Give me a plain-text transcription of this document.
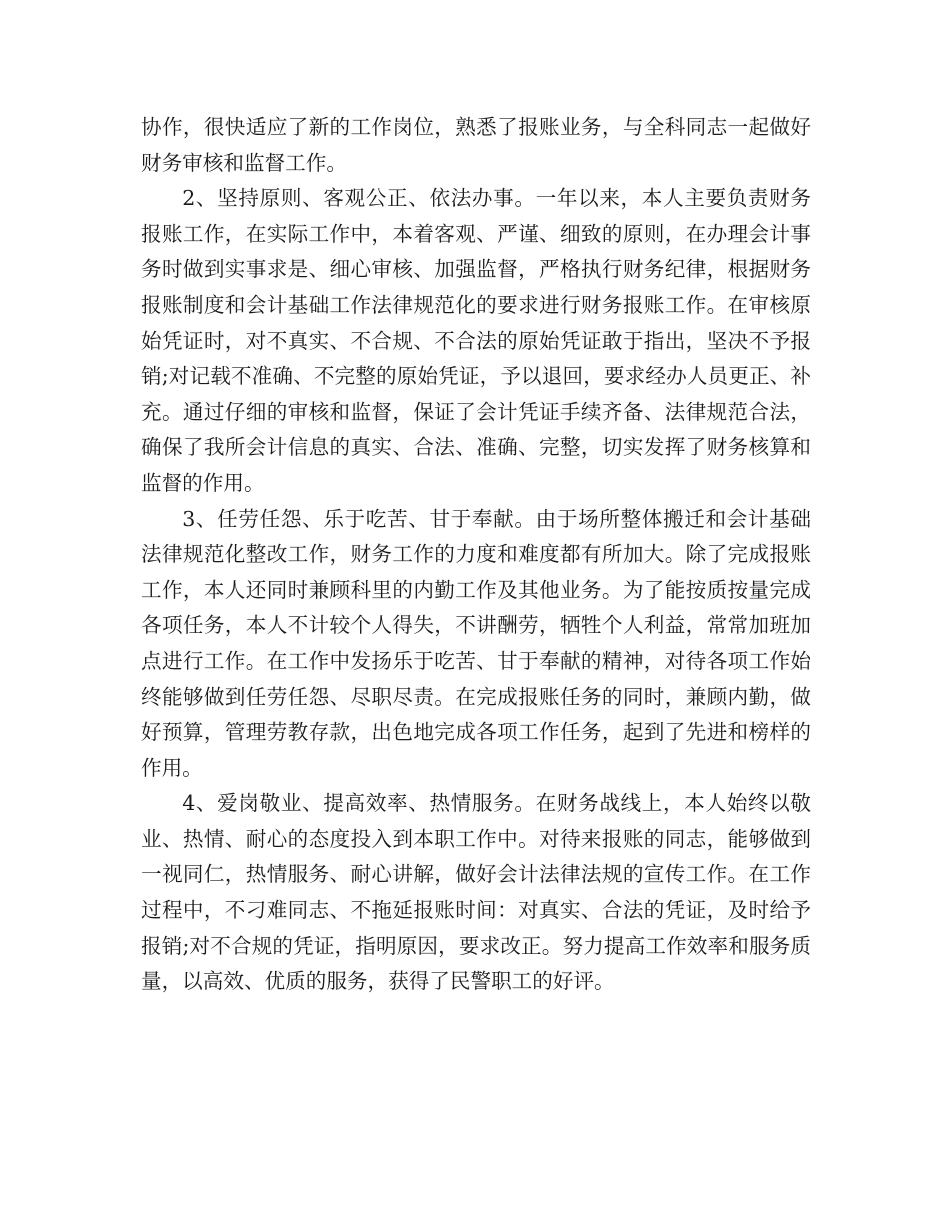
协作，很快适应了新的工作岗位，熟悉了报账业务，与全科同志一起做好财务审核和监督工作。

2、坚持原则、客观公正、依法办事。一年以来，本人主要负责财务报账工作，在实际工作中，本着客观、严谨、细致的原则，在办理会计事务时做到实事求是、细心审核、加强监督，严格执行财务纪律，根据财务报账制度和会计基础工作法律规范化的要求进行财务报账工作。在审核原始凭证时，对不真实、不合规、不合法的原始凭证敢于指出，坚决不予报销;对记载不准确、不完整的原始凭证，予以退回，要求经办人员更正、补充。通过仔细的审核和监督，保证了会计凭证手续齐备、法律规范合法，确保了我所会计信息的真实、合法、准确、完整，切实发挥了财务核算和监督的作用。

3、任劳任怨、乐于吃苦、甘于奉献。由于场所整体搬迁和会计基础法律规范化整改工作，财务工作的力度和难度都有所加大。除了完成报账工作，本人还同时兼顾科里的内勤工作及其他业务。为了能按质按量完成各项任务，本人不计较个人得失，不讲酬劳，牺牲个人利益，常常加班加点进行工作。在工作中发扬乐于吃苦、甘于奉献的精神，对待各项工作始终能够做到任劳任怨、尽职尽责。在完成报账任务的同时，兼顾内勤，做好预算，管理劳教存款，出色地完成各项工作任务，起到了先进和榜样的作用。

4、爱岗敬业、提高效率、热情服务。在财务战线上，本人始终以敬业、热情、耐心的态度投入到本职工作中。对待来报账的同志，能够做到一视同仁，热情服务、耐心讲解，做好会计法律法规的宣传工作。在工作过程中，不刁难同志、不拖延报账时间：对真实、合法的凭证，及时给予报销;对不合规的凭证，指明原因，要求改正。努力提高工作效率和服务质量，以高效、优质的服务，获得了民警职工的好评。
